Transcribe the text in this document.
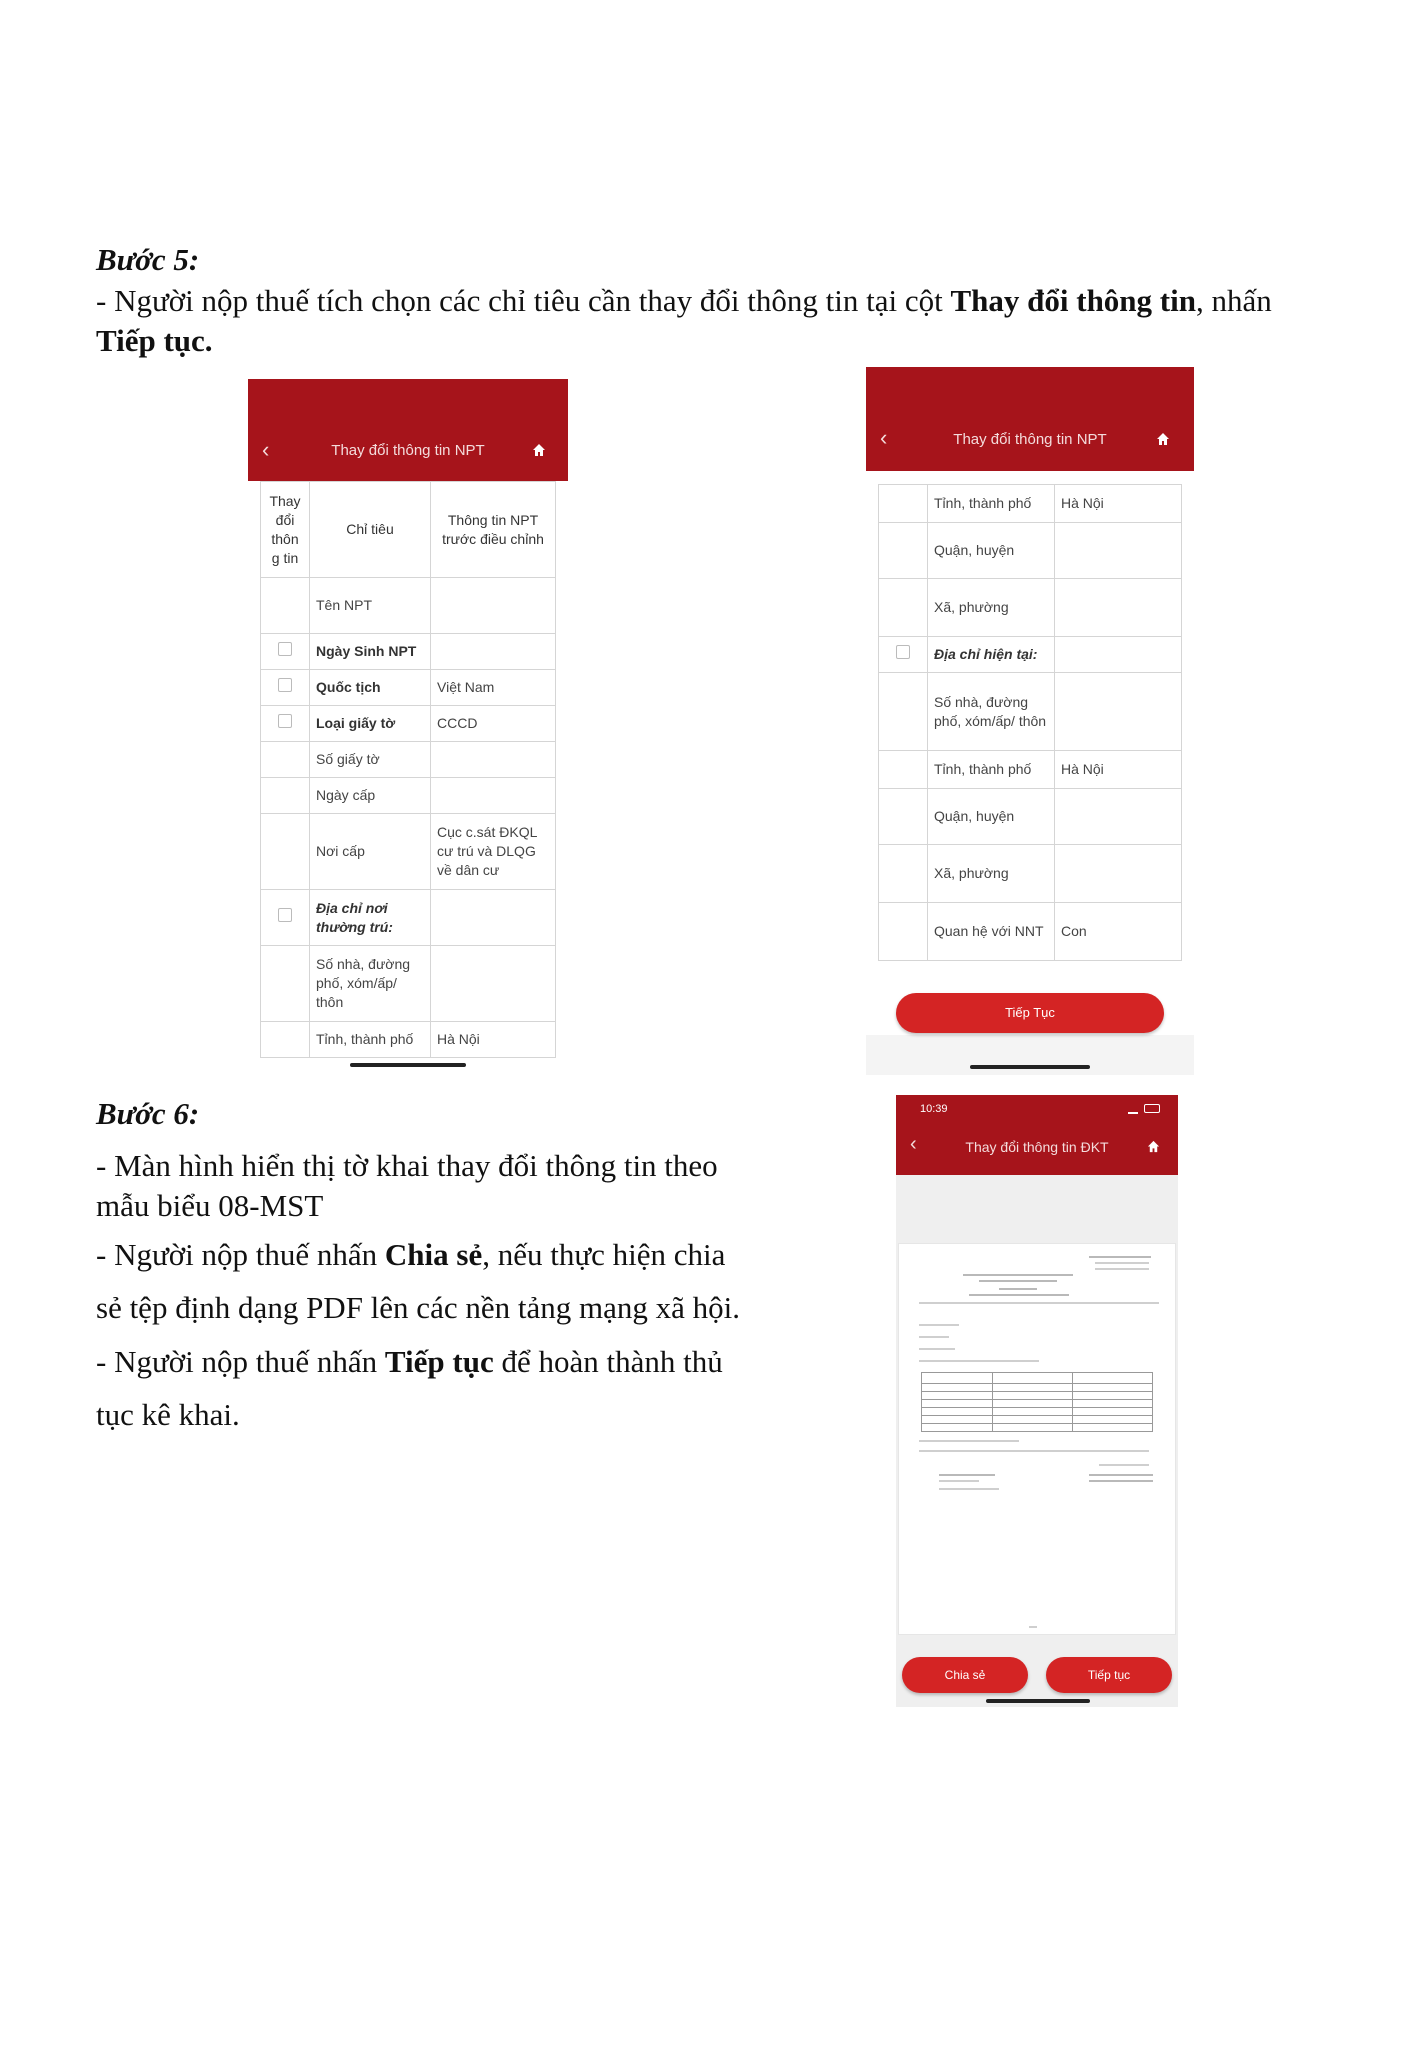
Bước 5:
- Người nộp thuế tích chọn các chỉ tiêu cần thay đổi thông tin tại cột Thay đổi thông tin, nhấn
Tiếp tục.
‹	Thay đổi thông tin NPT
Thay đổi thôn g tin	Chỉ tiêu	Thông tin NPT trước điều chỉnh
	Tên NPT	
	Ngày Sinh NPT	
	Quốc tịch	Việt Nam
	Loại giấy tờ	CCCD
	Số giấy tờ	
	Ngày cấp	
	Nơi cấp	Cục c.sát ĐKQL cư trú và DLQG về dân cư
	Địa chỉ nơi thường trú:	
	Số nhà, đường phố, xóm/ấp/ thôn	
	Tỉnh, thành phố	Hà Nội
	Tỉnh, thành phố	Hà Nội
	Quận, huyện	
	Xã, phường	
	Địa chỉ hiện tại:	
	Số nhà, đường phố, xóm/ấp/ thôn	
	Tỉnh, thành phố	Hà Nội
	Quận, huyện	
	Xã, phường	
	Quan hệ với NNT	Con
‹	Thay đổi thông tin NPT
Tiếp Tục
Bước 6:
- Màn hình hiển thị tờ khai thay đổi thông tin theo mẫu biểu 08-MST
- Người nộp thuế nhấn Chia sẻ, nếu thực hiện chia sẻ tệp định dạng PDF lên các nền tảng mạng xã hội.
- Người nộp thuế nhấn Tiếp tục để hoàn thành thủ tục kê khai.
10:39
‹	Thay đổi thông tin ĐKT
Chia sẻ	Tiếp tục
